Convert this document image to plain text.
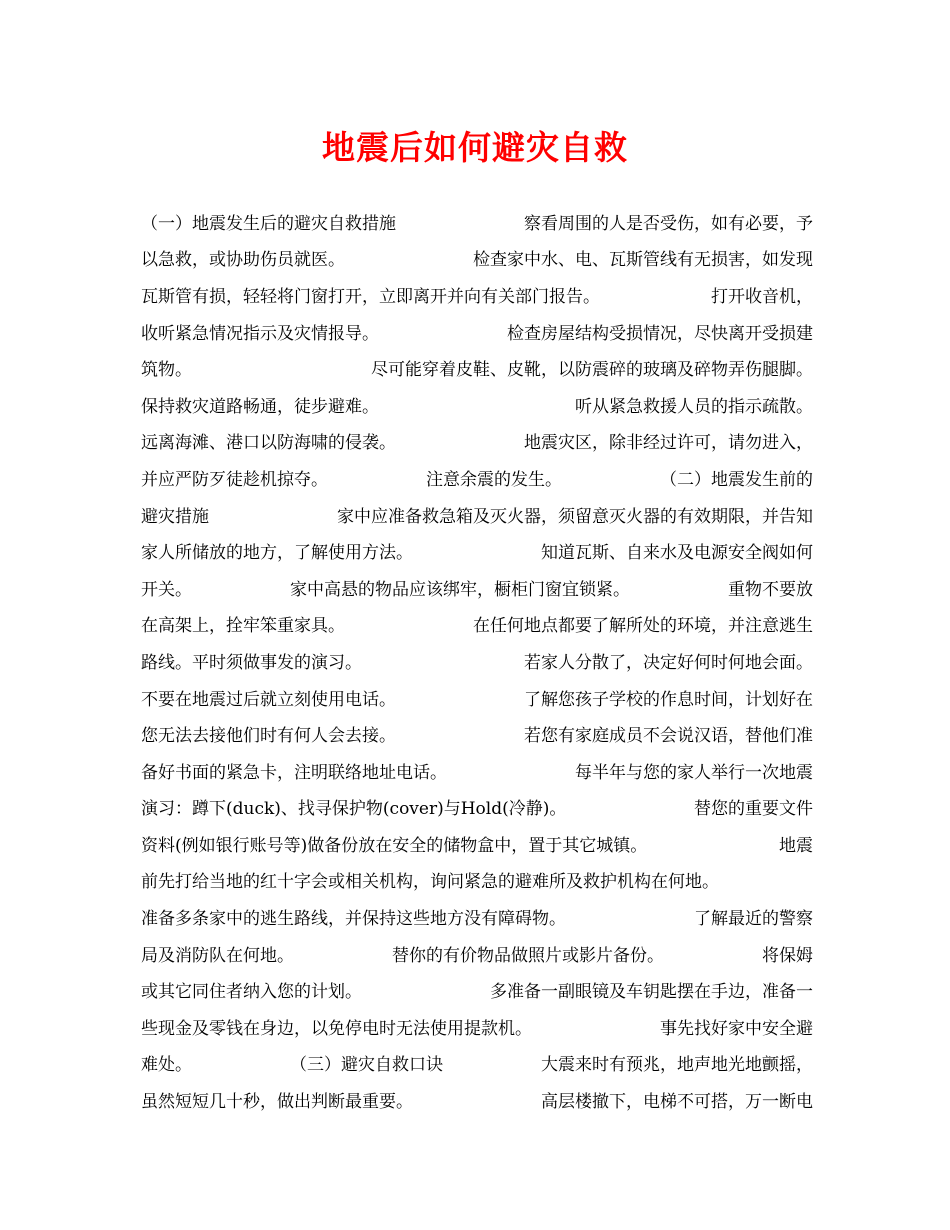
地震后如何避灾自救
（一）地震发生后的避灾自救措施	察看周围的人是否受伤，如有必要，予
以急救，或协助伤员就医。	检查家中水、电、瓦斯管线有无损害，如发现
瓦斯管有损，轻轻将门窗打开，立即离开并向有关部门报告。	打开收音机，
收听紧急情况指示及灾情报导。	检查房屋结构受损情况，尽快离开受损建
筑物。	尽可能穿着皮鞋、皮靴，以防震碎的玻璃及碎物弄伤腿脚。
保持救灾道路畅通，徒步避难。	听从紧急救援人员的指示疏散。
远离海滩、港口以防海啸的侵袭。	地震灾区，除非经过许可，请勿进入，
并应严防歹徒趁机掠夺。	注意余震的发生。	（二）地震发生前的
避灾措施	家中应准备救急箱及灭火器，须留意灭火器的有效期限，并告知
家人所储放的地方，了解使用方法。	知道瓦斯、自来水及电源安全阀如何
开关。	家中高悬的物品应该绑牢，橱柜门窗宜锁紧。	重物不要放
在高架上，拴牢笨重家具。	在任何地点都要了解所处的环境，并注意逃生
路线。平时须做事发的演习。	若家人分散了，决定好何时何地会面。
不要在地震过后就立刻使用电话。	了解您孩子学校的作息时间，计划好在
您无法去接他们时有何人会去接。	若您有家庭成员不会说汉语，替他们准
备好书面的紧急卡，注明联络地址电话。	每半年与您的家人举行一次地震
演习：蹲下(duck)、找寻保护物(cover)与Hold(冷静)。	替您的重要文件
资料(例如银行账号等)做备份放在安全的储物盒中，置于其它城镇。	地震
前先打给当地的红十字会或相关机构，询问紧急的避难所及救护机构在何地。
准备多条家中的逃生路线，并保持这些地方没有障碍物。	了解最近的警察
局及消防队在何地。	替你的有价物品做照片或影片备份。	将保姆
或其它同住者纳入您的计划。	多准备一副眼镜及车钥匙摆在手边，准备一
些现金及零钱在身边，以免停电时无法使用提款机。	事先找好家中安全避
难处。	（三）避灾自救口诀	大震来时有预兆，地声地光地颤摇，
虽然短短几十秒，做出判断最重要。	高层楼撤下，电梯不可搭，万一断电
